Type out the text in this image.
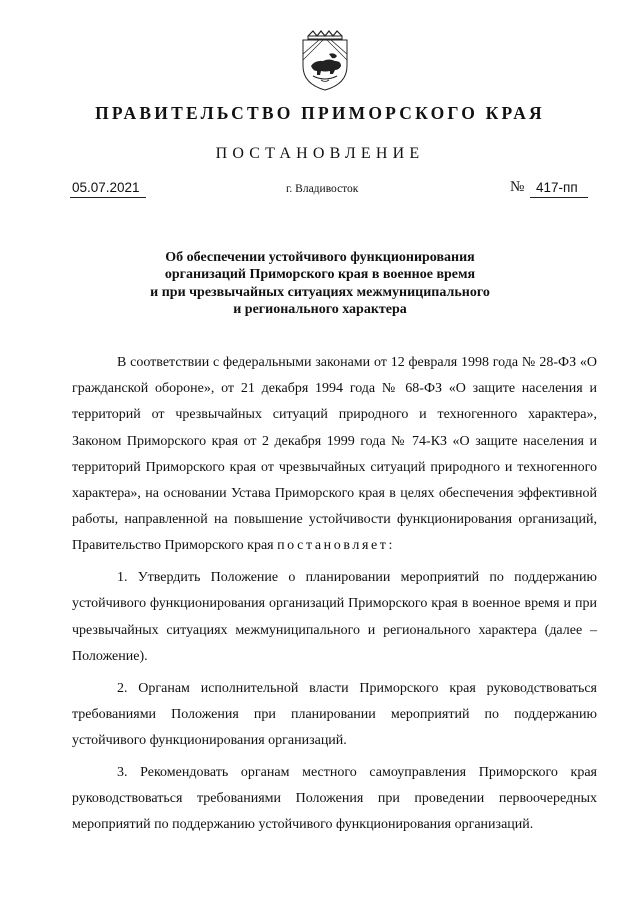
ПРАВИТЕЛЬСТВО ПРИМОРСКОГО КРАЯ
ПОСТАНОВЛЕНИЕ
05.07.2021	г. Владивосток	№ 417-пп
Об обеспечении устойчивого функционирования
организаций Приморского края в военное время
и при чрезвычайных ситуациях межмуниципального
и регионального характера

В соответствии с федеральными законами от 12 февраля 1998 года № 28-ФЗ «О гражданской обороне», от 21 декабря 1994 года № 68-ФЗ «О защите населения и территорий от чрезвычайных ситуаций природного и техногенного характера», Законом Приморского края от 2 декабря 1999 года № 74-КЗ «О защите населения и территорий Приморского края от чрезвычайных ситуаций природного и техногенного характера», на основании Устава Приморского края в целях обеспечения эффективной работы, направленной на повышение устойчивости функционирования организаций, Правительство Приморского края постановляет:

1. Утвердить Положение о планировании мероприятий по поддержанию устойчивого функционирования организаций Приморского края в военное время и при чрезвычайных ситуациях межмуниципального и регионального характера (далее – Положение).

2. Органам исполнительной власти Приморского края руководствоваться требованиями Положения при планировании мероприятий по поддержанию устойчивого функционирования организаций.

3. Рекомендовать органам местного самоуправления Приморского края руководствоваться требованиями Положения при проведении первоочередных мероприятий по поддержанию устойчивого функционирования организаций.
